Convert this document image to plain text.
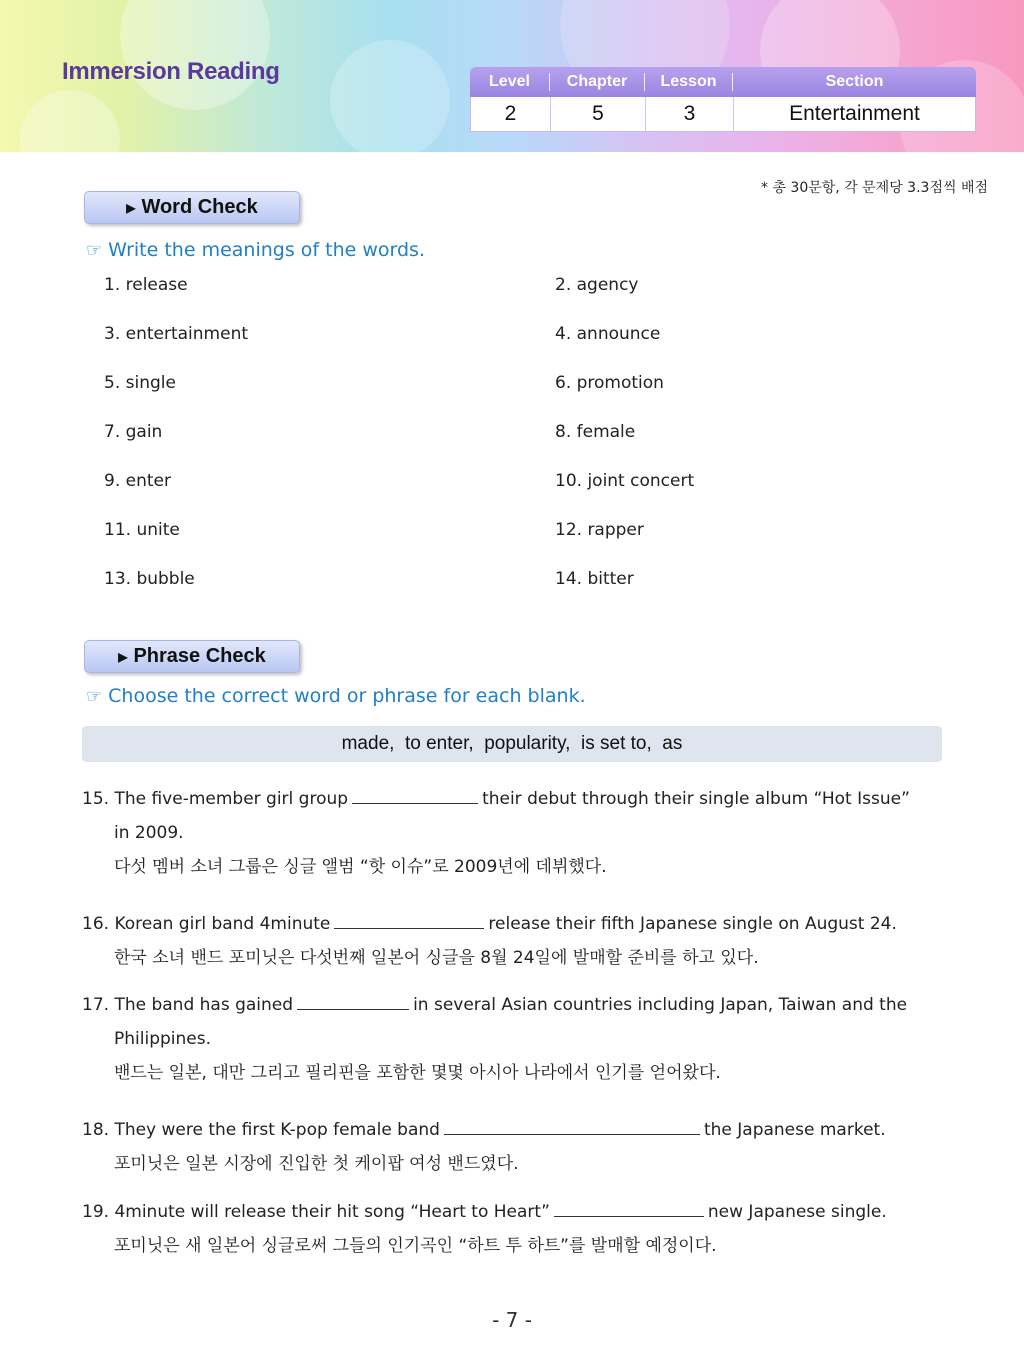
Immersion Reading	Level	Chapter	Lesson	Section
2	5	3	Entertainment
* 총 30문항, 각 문제당 3.3점씩 배점
▶ Word Check
☞ Write the meanings of the words.
1. release	2. agency
3. entertainment	4. announce
5. single	6. promotion
7. gain	8. female
9. enter	10. joint concert
11. unite	12. rapper
13. bubble	14. bitter
▶ Phrase Check
☞ Choose the correct word or phrase for each blank.
made,  to enter,  popularity,  is set to,  as
15. The five-member girl group	their debut through their single album “Hot Issue”
in 2009.
다섯 멤버 소녀 그룹은 싱글 앨범 “핫 이슈”로 2009년에 데뷔했다.
16. Korean girl band 4minute	release their fifth Japanese single on August 24.
한국 소녀 밴드 포미닛은 다섯번째 일본어 싱글을 8월 24일에 발매할 준비를 하고 있다.
17. The band has gained	in several Asian countries including Japan, Taiwan and the
Philippines.
밴드는 일본, 대만 그리고 필리핀을 포함한 몇몇 아시아 나라에서 인기를 얻어왔다.
18. They were the first K-pop female band	the Japanese market.
포미닛은 일본 시장에 진입한 첫 케이팝 여성 밴드였다.
19. 4minute will release their hit song “Heart to Heart”	new Japanese single.
포미닛은 새 일본어 싱글로써 그들의 인기곡인 “하트 투 하트”를 발매할 예정이다.
- 7 -
